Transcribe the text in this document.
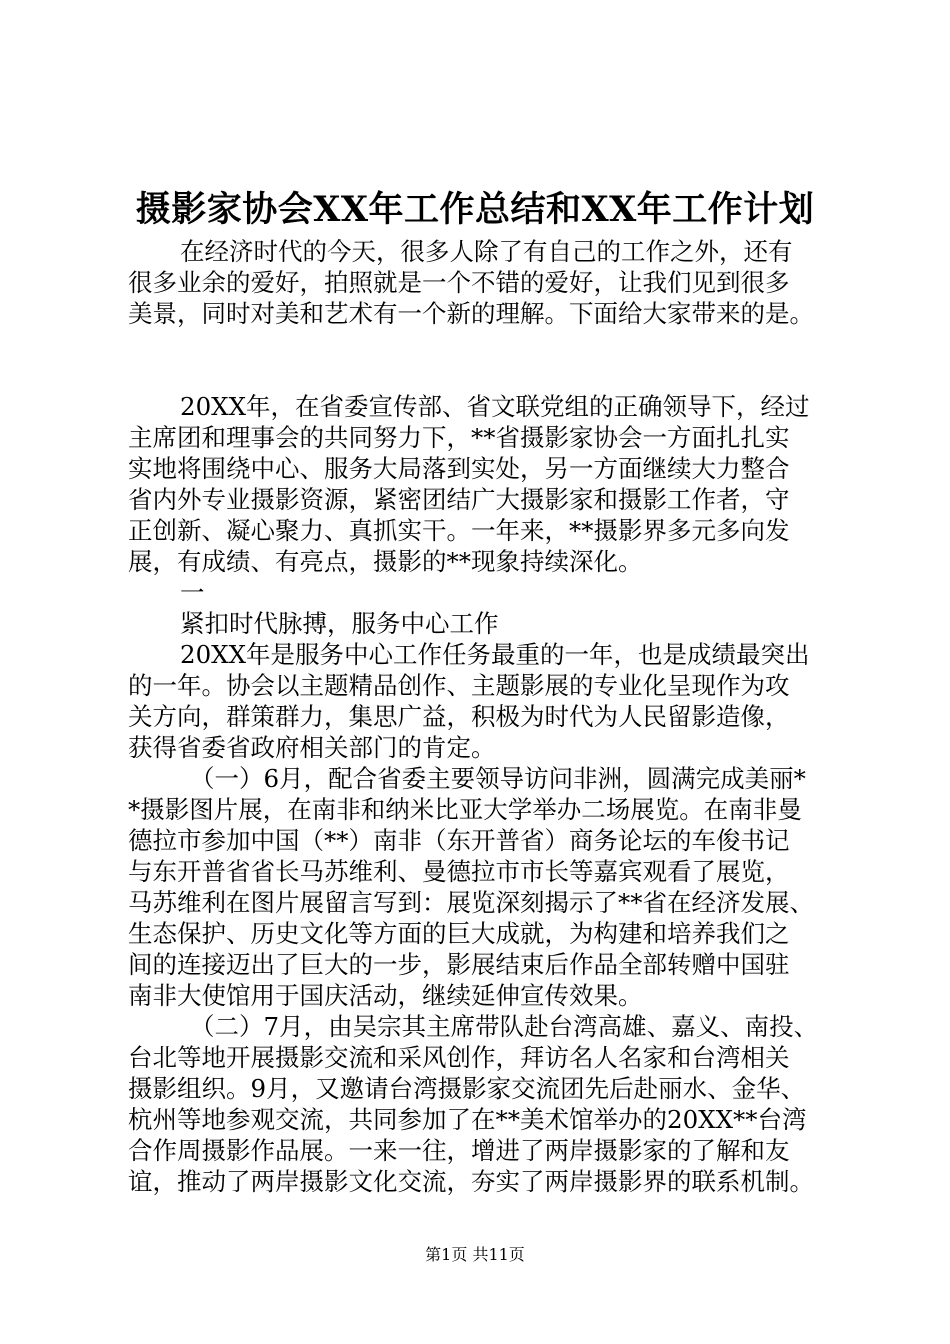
摄影家协会XX年工作总结和XX年工作计划
在经济时代的今天，很多人除了有自己的工作之外，还有
很多业余的爱好，拍照就是一个不错的爱好，让我们见到很多
美景，同时对美和艺术有一个新的理解。下面给大家带来的是。
20XX年，在省委宣传部、省文联党组的正确领导下，经过
主席团和理事会的共同努力下，**省摄影家协会一方面扎扎实
实地将围绕中心、服务大局落到实处，另一方面继续大力整合
省内外专业摄影资源，紧密团结广大摄影家和摄影工作者，守
正创新、凝心聚力、真抓实干。一年来，**摄影界多元多向发
展，有成绩、有亮点，摄影的**现象持续深化。
一
紧扣时代脉搏，服务中心工作
20XX年是服务中心工作任务最重的一年，也是成绩最突出
的一年。协会以主题精品创作、主题影展的专业化呈现作为攻
关方向，群策群力，集思广益，积极为时代为人民留影造像，
获得省委省政府相关部门的肯定。
（一）6月，配合省委主要领导访问非洲，圆满完成美丽*
*摄影图片展，在南非和纳米比亚大学举办二场展览。在南非曼
德拉市参加中国（**）南非（东开普省）商务论坛的车俊书记
与东开普省省长马苏维利、曼德拉市市长等嘉宾观看了展览，
马苏维利在图片展留言写到：展览深刻揭示了**省在经济发展、
生态保护、历史文化等方面的巨大成就，为构建和培养我们之
间的连接迈出了巨大的一步，影展结束后作品全部转赠中国驻
南非大使馆用于国庆活动，继续延伸宣传效果。
（二）7月，由吴宗其主席带队赴台湾高雄、嘉义、南投、
台北等地开展摄影交流和采风创作，拜访名人名家和台湾相关
摄影组织。9月，又邀请台湾摄影家交流团先后赴丽水、金华、
杭州等地参观交流，共同参加了在**美术馆举办的20XX**台湾
合作周摄影作品展。一来一往，增进了两岸摄影家的了解和友
谊，推动了两岸摄影文化交流，夯实了两岸摄影界的联系机制。
第1页 共11页
